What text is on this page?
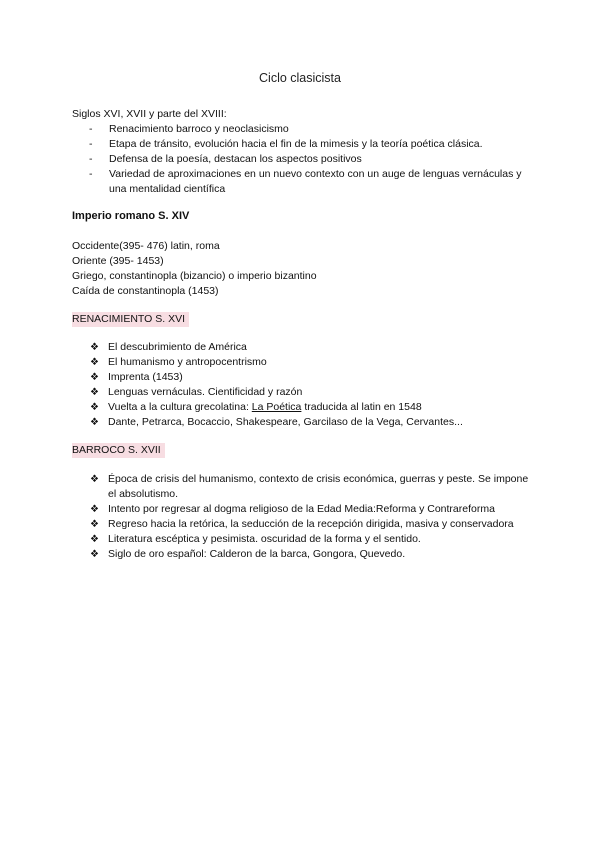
Ciclo clasicista

Siglos XVI, XVII y parte del XVIII:

- Renacimiento barroco y neoclasicismo
- Etapa de tránsito, evolución hacia el fin de la mimesis y la teoría poética clásica.
- Defensa de la poesía, destacan los aspectos positivos
- Variedad de aproximaciones en un nuevo contexto con un auge de lenguas vernáculas y una mentalidad científica

Imperio romano S. XIV

Occidente(395- 476) latin, roma

Oriente (395- 1453)

Griego, constantinopla (bizancio) o imperio bizantino

Caída de constantinopla (1453)

RENACIMIENTO S. XVI
❖ El descubrimiento de América
❖ El humanismo y antropocentrismo
❖ Imprenta (1453)
❖ Lenguas vernáculas. Cientificidad y razón
❖ Vuelta a la cultura grecolatina: La Poética traducida al latin en 1548
❖ Dante, Petrarca, Bocaccio, Shakespeare, Garcilaso de la Vega, Cervantes...
BARROCO S. XVII
❖ Época de crisis del humanismo, contexto de crisis económica, guerras y peste. Se impone el absolutismo.
❖ Intento por regresar al dogma religioso de la Edad Media:Reforma y Contrareforma
❖ Regreso hacia la retórica, la seducción de la recepción dirigida, masiva y conservadora
❖ Literatura escéptica y pesimista. oscuridad de la forma y el sentido.
❖ Siglo de oro español: Calderon de la barca, Gongora, Quevedo.
